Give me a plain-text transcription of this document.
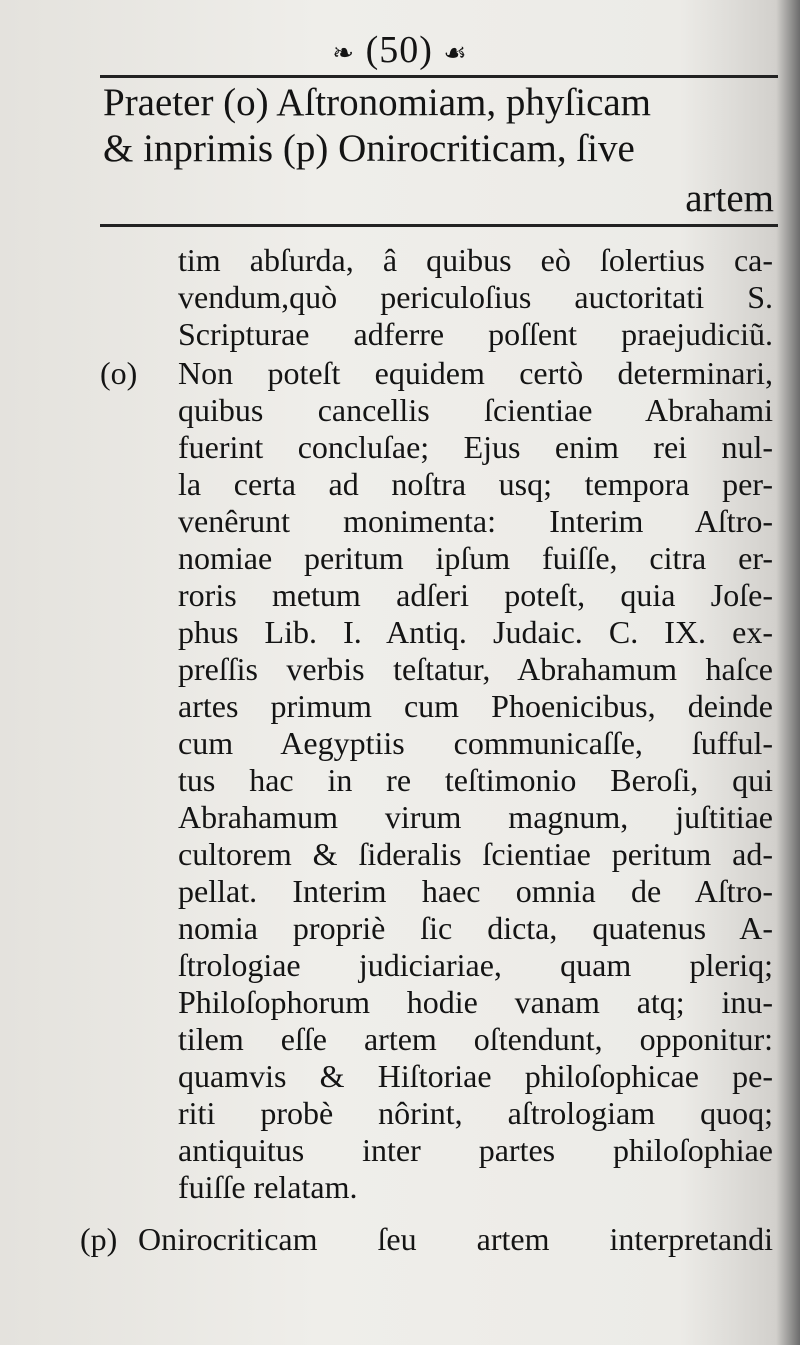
❧ (50) ☙
Praeter (o) Aſtronomiam, phyſicam
& inprimis (p) Onirocriticam, ſive
artem
tim abſurda, â quibus eò ſolertius ca-
vendum,quò periculoſius auctoritati S.
Scripturae adferre poſſent praejudiciũ.
(o) Non poteſt equidem certò determinari,
quibus cancellis ſcientiae Abrahami
fuerint concluſae; Ejus enim rei nul-
la certa ad noſtra usq; tempora per-
venêrunt monimenta: Interim Aſtro-
nomiae peritum ipſum fuiſſe, citra er-
roris metum adſeri poteſt, quia Joſe-
phus Lib. I. Antiq. Judaic. C. IX. ex-
preſſis verbis teſtatur, Abrahamum haſce
artes primum cum Phoenicibus, deinde
cum Aegyptiis communicaſſe, ſufful-
tus hac in re teſtimonio Beroſi, qui
Abrahamum virum magnum, juſtitiae
cultorem & ſideralis ſcientiae peritum ad-
pellat. Interim haec omnia de Aſtro-
nomia propriè ſic dicta, quatenus A-
ſtrologiae judiciariae, quam pleriq;
Philoſophorum hodie vanam atq; inu-
tilem eſſe artem oſtendunt, opponitur:
quamvis & Hiſtoriae philoſophicae pe-
riti probè nôrint, aſtrologiam quoq;
antiquitus inter partes philoſophiae
fuiſſe relatam.
(p) Onirocriticam ſeu artem interpretandi
